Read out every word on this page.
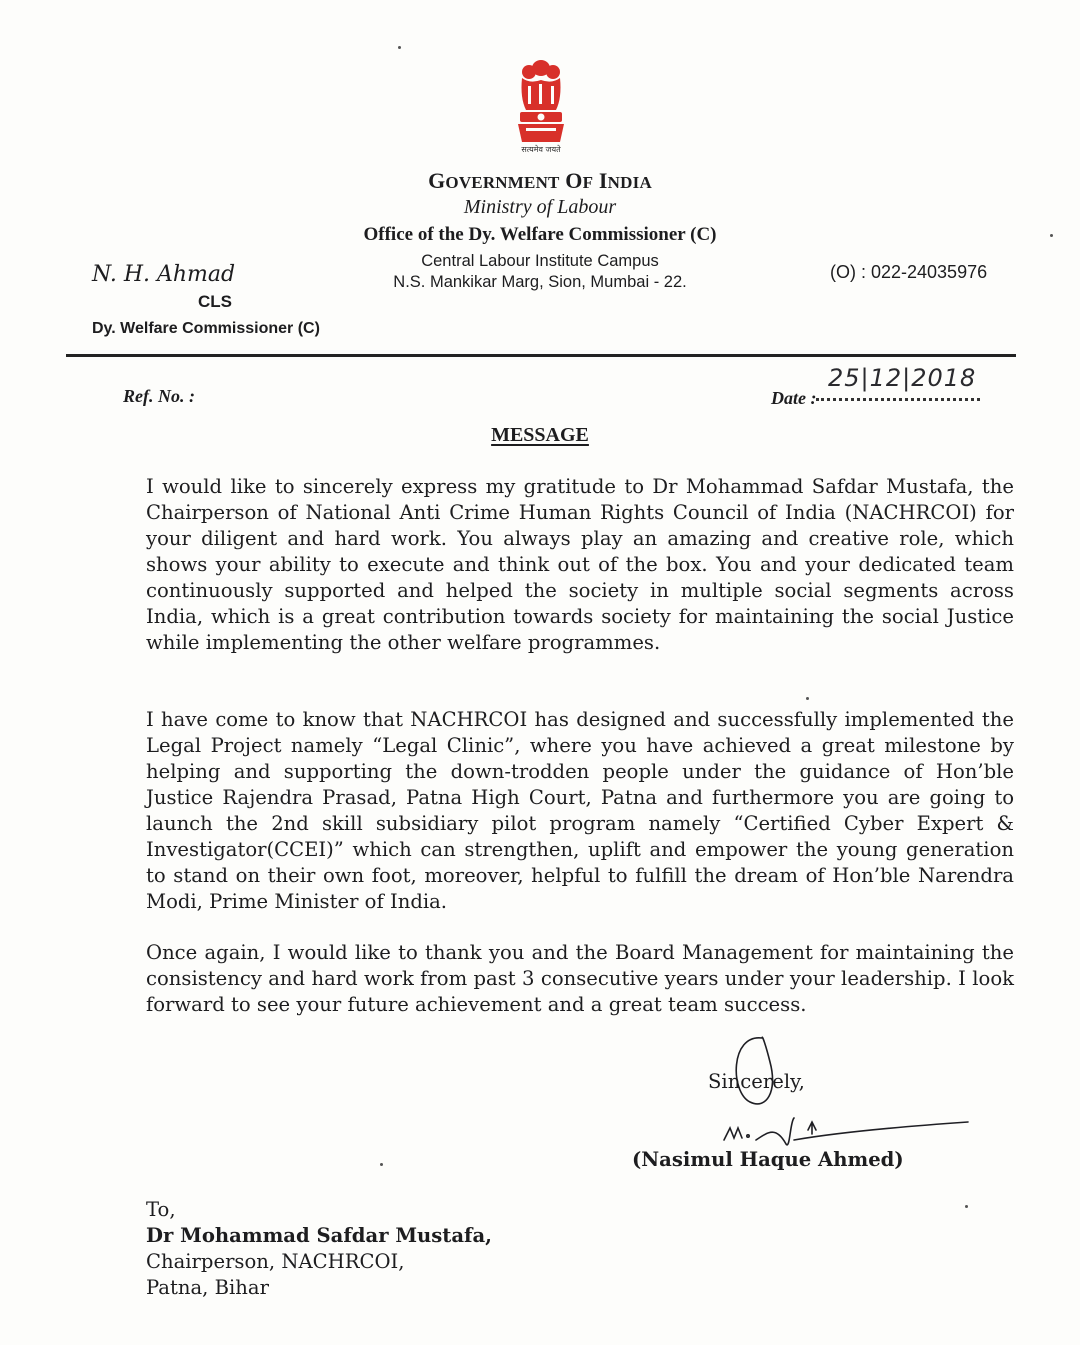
सत्यमेव जयते
GOVERNMENT OF INDIA
Ministry of Labour
Office of the Dy. Welfare Commissioner (C)
Central Labour Institute Campus
N.S. Mankikar Marg, Sion, Mumbai - 22.
N. H. Ahmad
CLS
Dy. Welfare Commissioner (C)
(O) : 022-24035976
Ref. No. :	Date :
25|12|2018
MESSAGE
I would like to sincerely express my gratitude to Dr Mohammad Safdar Mustafa, the Chairperson of National Anti Crime Human Rights Council of India (NACHRCOI) for your diligent and hard work. You always play an amazing and creative role, which shows your ability to execute and think out of the box. You and your dedicated team continuously supported and helped the society in multiple social segments across India, which is a great contribution towards society for maintaining the social Justice while implementing the other welfare programmes.
I have come to know that NACHRCOI has designed and successfully implemented the Legal Project namely “Legal Clinic”, where you have achieved a great milestone by helping and supporting the down-trodden people under the guidance of Hon’ble Justice Rajendra Prasad, Patna High Court, Patna and furthermore you are going to launch the 2nd skill subsidiary pilot program namely “Certified Cyber Expert & Investigator(CCEI)” which can strengthen, uplift and empower the young generation to stand on their own foot, moreover, helpful to fulfill the dream of Hon’ble Narendra Modi, Prime Minister of India.
Once again, I would like to thank you and the Board Management for maintaining the consistency and hard work from past 3 consecutive years under your leadership. I look forward to see your future achievement and a great team success.
Sincerely,
(Nasimul Haque Ahmed)
To,
Dr Mohammad Safdar Mustafa,
Chairperson, NACHRCOI,
Patna, Bihar
